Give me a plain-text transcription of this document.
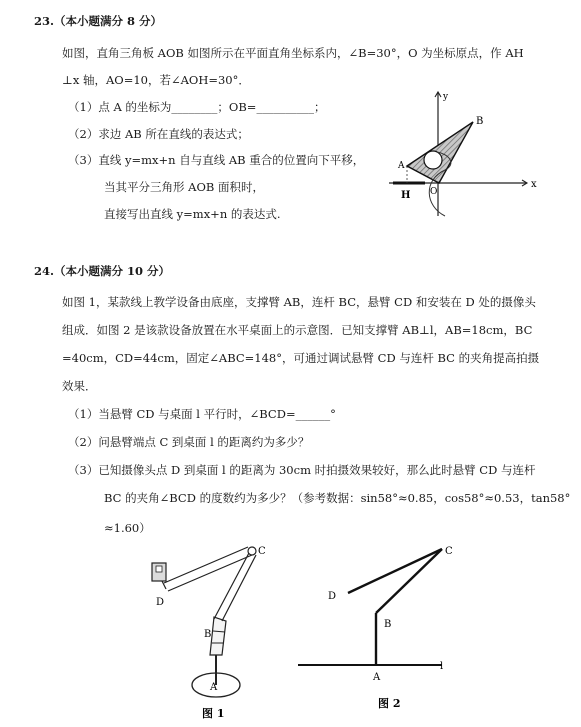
23.（本小题满分 8 分）
如图，直角三角板 AOB 如图所示在平面直角坐标系内，∠B=30°，O 为坐标原点，作 AH
⊥x 轴，AO=10，若∠AOH=30°．
（1）点 A 的坐标为________；OB=__________；
（2）求边 AB 所在直线的表达式；
（3）直线 y=mx+n 自与直线 AB 重合的位置向下平移，
当其平分三角形 AOB 面积时，
直接写出直线 y=mx+n 的表达式.
y
x
A
B
H O
24.（本小题满分 10 分）
如图 1，某款线上教学设备由底座，支撑臂 AB，连杆 BC，悬臂 CD 和安装在 D 处的摄像头
组成．如图 2 是该款设备放置在水平桌面上的示意图．已知支撑臂 AB⊥l，AB=18cm，BC
=40cm，CD=44cm，固定∠ABC=148°，可通过调试悬臂 CD 与连杆 BC 的夹角提高拍摄
效果．
（1）当悬臂 CD 与桌面 l 平行时，∠BCD=______°
（2）问悬臂端点 C 到桌面 l 的距离约为多少？
（3）已知摄像头点 D 到桌面 l 的距离为 30cm 时拍摄效果较好，那么此时悬臂 CD 与连杆
BC 的夹角∠BCD 的度数约为多少？（参考数据：sin58°≈0.85，cos58°≈0.53，tan58°
≈1.60）
C
D
B
A
图 1
C
D
B
A
l
图 2
